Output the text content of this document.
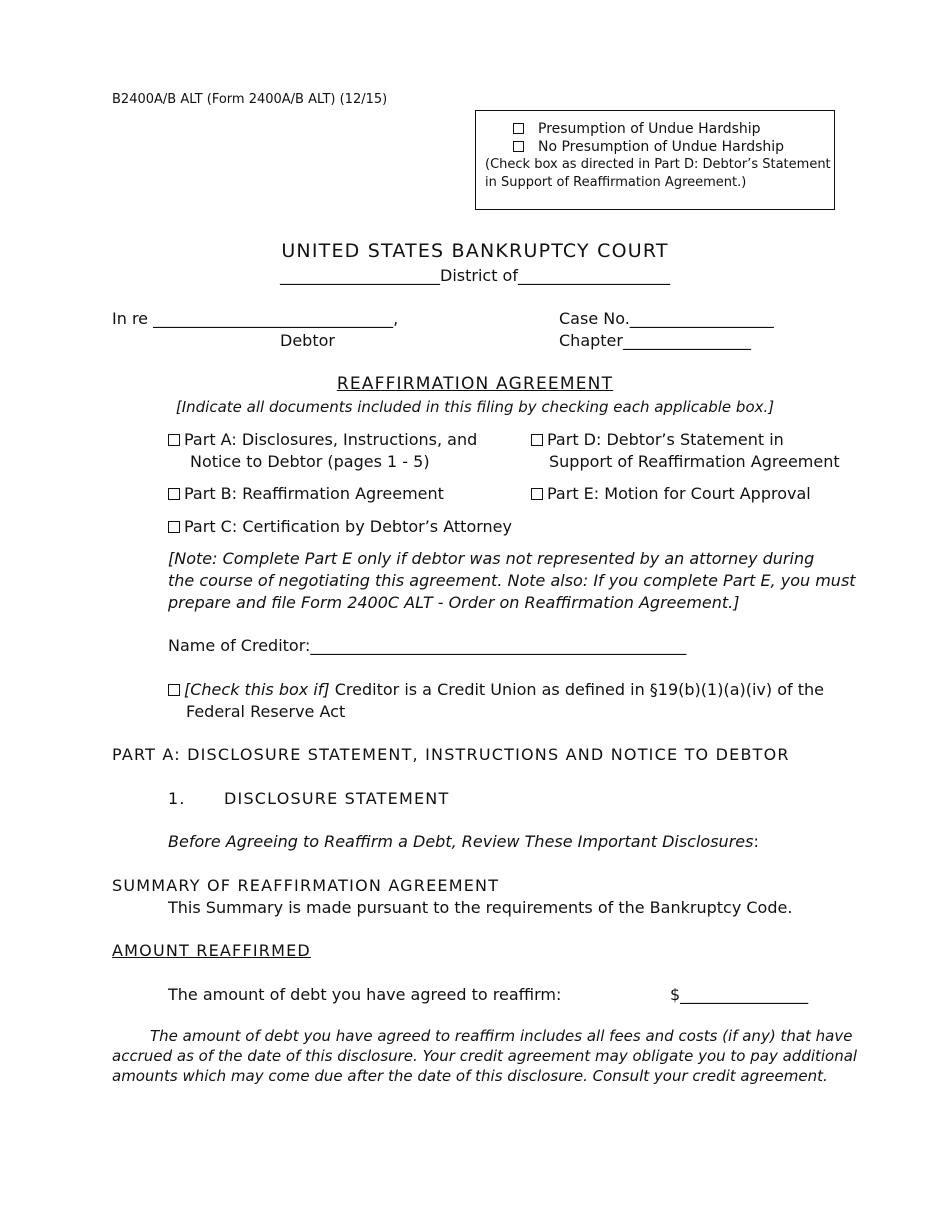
B2400A/B ALT (Form 2400A/B ALT) (12/15)
Presumption of Undue Hardship
No Presumption of Undue Hardship
(Check box as directed in Part D: Debtor’s Statement
in Support of Reaffirmation Agreement.)
UNITED STATES BANKRUPTCY COURT
____________________District of___________________
In re ______________________________,
Debtor
Case No.__________________
Chapter________________
REAFFIRMATION AGREEMENT
[Indicate all documents included in this filing by checking each applicable box.]
Part A: Disclosures, Instructions, and
Notice to Debtor (pages 1 - 5)
Part B: Reaffirmation Agreement
Part C: Certification by Debtor’s Attorney
Part D: Debtor’s Statement in
Support of Reaffirmation Agreement
Part E: Motion for Court Approval
[Note: Complete Part E only if debtor was not represented by an attorney during
the course of negotiating this agreement. Note also: If you complete Part E, you must
prepare and file Form 2400C ALT - Order on Reaffirmation Agreement.]
Name of Creditor:_______________________________________________
[Check this box if] Creditor is a Credit Union as defined in §19(b)(1)(a)(iv) of the
Federal Reserve Act
PART A: DISCLOSURE STATEMENT, INSTRUCTIONS AND NOTICE TO DEBTOR
1. DISCLOSURE STATEMENT
Before Agreeing to Reaffirm a Debt, Review These Important Disclosures:
SUMMARY OF REAFFIRMATION AGREEMENT
This Summary is made pursuant to the requirements of the Bankruptcy Code.
AMOUNT REAFFIRMED
The amount of debt you have agreed to reaffirm:	$________________
The amount of debt you have agreed to reaffirm includes all fees and costs (if any) that have
accrued as of the date of this disclosure. Your credit agreement may obligate you to pay additional
amounts which may come due after the date of this disclosure. Consult your credit agreement.
